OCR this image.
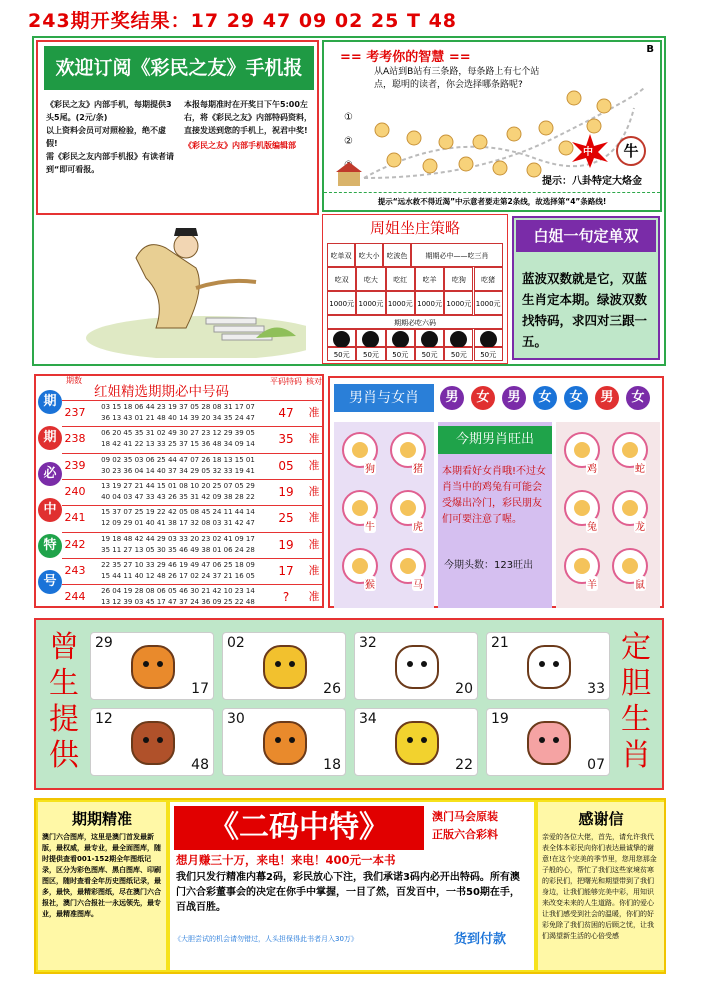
243期开奖结果：17 29 47 09 02 25 T 48
欢迎订阅《彩民之友》手机报
《彩民之友》内部手机，每期提供3头5尾。(2元/条)
以上资料会员可对照检验，绝不虚假!
需《彩民之友内部手机报》有读者请到“即可看报。
本报每期准时在开奖日下午5:00左右，将《彩民之友》内部特码资料，直接发送到您的手机上，祝君中奖!
《彩民之友》内部手机版编辑部
== 考考你的智慧 ==
B
从A站到B站有三条路，每条路上有七个站点，聪明的读者，你会选择哪条路呢?
①
②
中	牛
提示：八卦特定大烙金
提示“远水救不得近渴”中示意者要走第2条线，故选择第“4”条路线!
周姐坐庄策略
吃单双	吃大小	吃波色	期期必中——吃三肖
吃双	吃大	吃红	吃羊	吃狗	吃猪
1000元 1000元 1000元 1000元 1000元 1000元
50元	50元	50元	50元	50元	50元
期期必吃六码
白姐一句定单双
蓝波双数就是它，双蓝生肖定本期。绿波双数找特码，求四对三跟一五。
期
期
必
中
特
号
期数
红姐精选期期必中号码
平码特码 核对
237	03 15 18 06 44 23 19 37 05 28 08 31 17 07
36 13 43 01 21 48 40 14 39 20 34 35 24 47	47	准
238	06 20 45 35 31 02 49 30 27 23 12 29 39 05
18 42 41 22 13 33 25 37 15 36 48 34 09 14	35	准
239	09 02 35 03 06 25 44 47 07 26 18 13 15 01
30 23 36 04 14 40 37 34 29 05 32 33 19 41	05	准
240	13 19 27 21 44 15 01 08 10 20 25 07 05 29
40 04 03 47 33 43 26 35 31 42 09 38 28 22	19	准
241	15 37 07 25 19 22 42 05 08 45 24 11 44 14
12 09 29 01 40 41 38 17 32 08 03 31 42 47	25	准
242	19 18 48 42 44 29 03 33 20 23 02 41 09 17
35 11 27 13 05 30 35 46 49 38 01 06 24 28	19	准
243	22 35 27 10 33 29 46 19 49 47 06 25 18 09
15 44 11 40 12 48 26 17 02 24 37 21 16 05	17	准
244	26 04 19 28 08 06 05 46 30 21 42 10 23 14
13 12 39 03 45 17 47 37 24 36 09 25 22 48	?	准
男肖与女肖	男	女	男	女	女	男	女
狗	猪
牛	虎
猴	马
今期男肖旺出
本期看好女肖哦!不过女肖当中的鸡兔有可能会受爆出冷门，彩民朋友们可要注意了喔。
今期头数：123旺出
鸡	蛇
兔	龙
羊	鼠
曾生提供
定胆生肖
29
17
02
26
32
20
21
33
12
48
30
18
34
22
19
07
期期精准
澳门六合图库，这里是澳门首发最新版，最权威，最专业，最全面图库，随时提供查看001-152期全年图纸记录，区分为彩色图库、黑白图库、印刷图区，随时查看全年历史图纸记录，最多，最快，最精彩图纸，尽在澳门六合报社，澳门六合报社一永远领先，最专业，最精准图库。
《二码中特》	澳门马会原装
正版六合彩料
想月赚三十万，来电！来电！400元一本书
我们只发行精准内幕2码，彩民放心下注，我们承诺3码内必开出特码。所有澳门六合彩董事会的决定在你手中掌握，一目了然，百发百中，一书50期在手，百战百胜。
《大胆尝试的机会请勿错过，人头担保得此书者月入30万》	货到付款
感谢信
亲爱的各位大佬，首先，请允许我代表全体本彩民向你们表达最诚挚的谢意!在这个完美的季节里，您用您那金子般的心，帮忙了我们这些家境贫寒的彩民们，把曙光和期望带到了我们身边，让我们能够完美中彩，用知识来改变未来的人生道路。你们的爱心让我们感受到社会的温暖，你们的好彩免除了我们贫困的后顾之忧，让我们渴望新生活的心倍受感
